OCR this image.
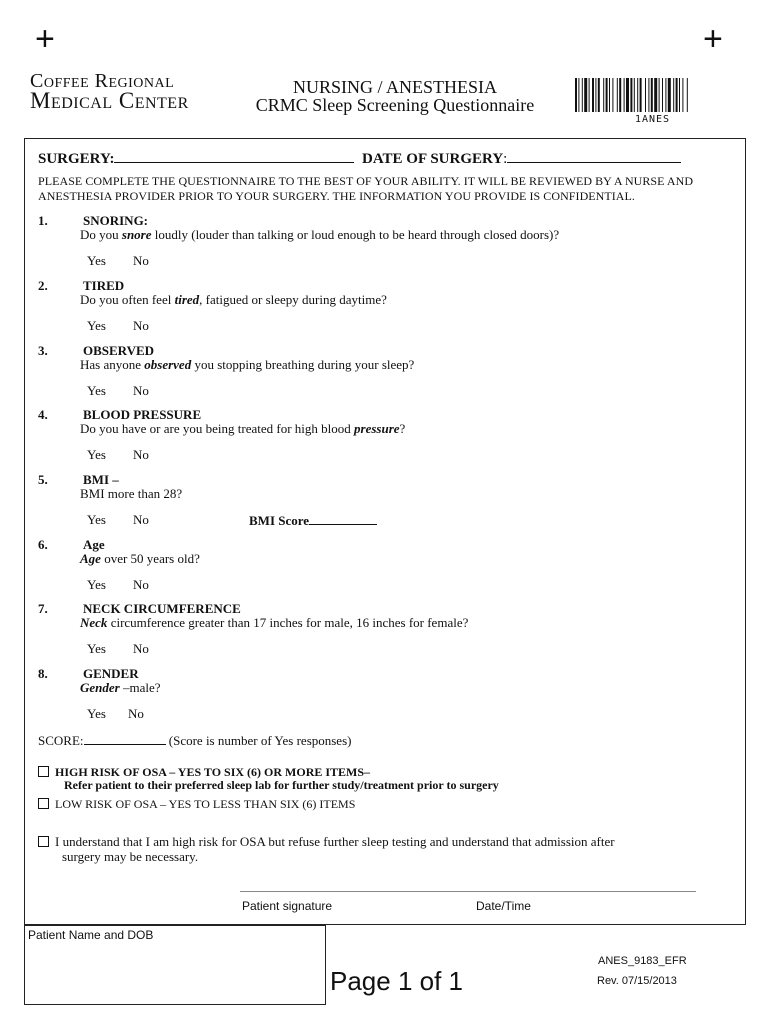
+	+
Coffee Regional
Medical Center
NURSING / ANESTHESIA
CRMC Sleep Screening Questionnaire
1ANES
SURGERY:	DATE OF SURGERY:
PLEASE COMPLETE THE QUESTIONNAIRE TO THE BEST OF YOUR ABILITY. IT WILL BE REVIEWED BY A NURSE AND ANESTHESIA PROVIDER PRIOR TO YOUR SURGERY. THE INFORMATION YOU PROVIDE IS CONFIDENTIAL.
1.	SNORING:
Do you snore loudly (louder than talking or loud enough to be heard through closed doors)?
Yes No
2.	TIRED
Do you often feel tired, fatigued or sleepy during daytime?
Yes No
3.	OBSERVED
Has anyone observed you stopping breathing during your sleep?
Yes No
4.	BLOOD PRESSURE
Do you have or are you being treated for high blood pressure?
Yes No
5.	BMI –
BMI more than 28?
Yes No
6.	Age
Age over 50 years old?
Yes No
7.	NECK CIRCUMFERENCE
Neck circumference greater than 17 inches for male, 16 inches for female?
Yes No
8.	GENDER
Gender –male?
Yes No
BMI Score
SCORE:	(Score is number of Yes responses)
HIGH RISK OF OSA – YES TO SIX (6) OR MORE ITEMS–
Refer patient to their preferred sleep lab for further study/treatment prior to surgery
LOW RISK OF OSA – YES TO LESS THAN SIX (6) ITEMS
I understand that I am high risk for OSA but refuse further sleep testing and understand that admission after
surgery may be necessary.
Patient signature	Date/Time
Patient Name and DOB
Page 1 of 1
ANES_9183_EFR
Rev. 07/15/2013
